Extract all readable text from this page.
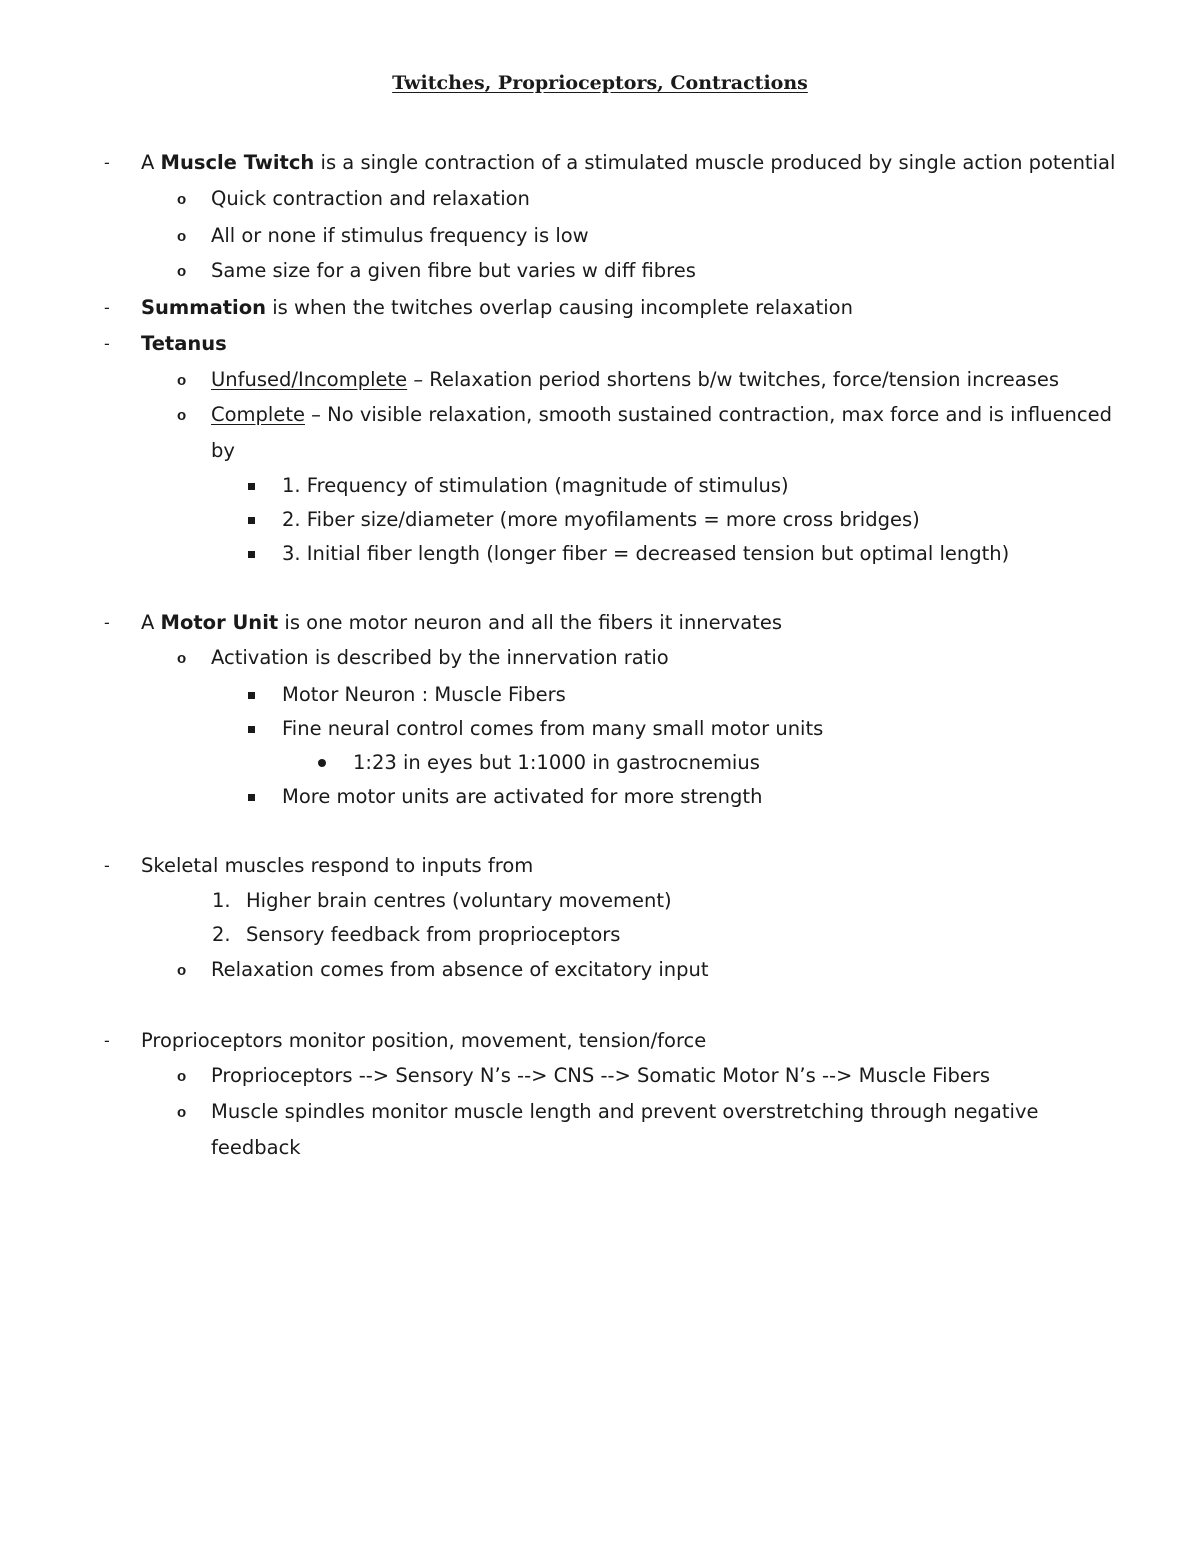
Twitches, Proprioceptors, Contractions
- A Muscle Twitch is a single contraction of a stimulated muscle produced by single action potential
o Quick contraction and relaxation
o All or none if stimulus frequency is low
o Same size for a given fibre but varies w diff fibres
- Summation is when the twitches overlap causing incomplete relaxation
- Tetanus
o Unfused/Incomplete – Relaxation period shortens b/w twitches, force/tension increases
o Complete – No visible relaxation, smooth sustained contraction, max force and is influenced
by
1. Frequency of stimulation (magnitude of stimulus)
2. Fiber size/diameter (more myofilaments = more cross bridges)
3. Initial fiber length (longer fiber = decreased tension but optimal length)
- A Motor Unit is one motor neuron and all the fibers it innervates
o Activation is described by the innervation ratio
Motor Neuron : Muscle Fibers
Fine neural control comes from many small motor units
1:23 in eyes but 1:1000 in gastrocnemius
More motor units are activated for more strength
- Skeletal muscles respond to inputs from
1. Higher brain centres (voluntary movement)
2. Sensory feedback from proprioceptors
o Relaxation comes from absence of excitatory input
- Proprioceptors monitor position, movement, tension/force
o Proprioceptors --> Sensory N’s --> CNS --> Somatic Motor N’s --> Muscle Fibers
o Muscle spindles monitor muscle length and prevent overstretching through negative
feedback
